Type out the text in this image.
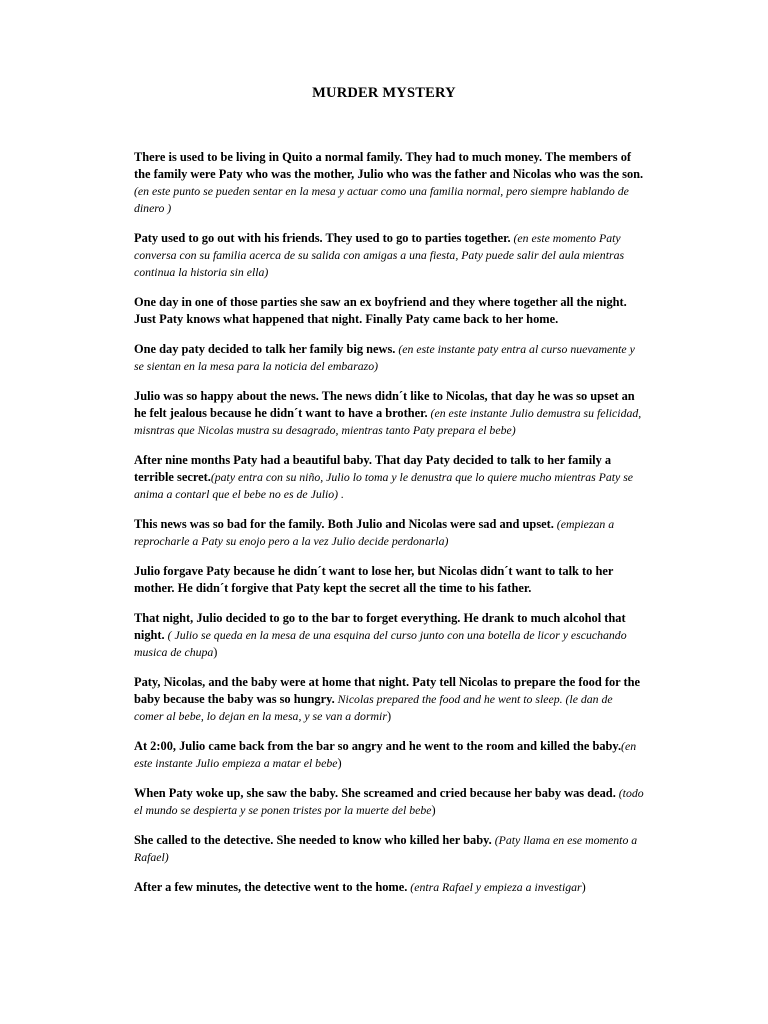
MURDER MYSTERY

There is used to be living in Quito a normal family. They had to much money. The members of the family were Paty who was the mother, Julio who was the father and Nicolas who was the son.(en este punto se pueden sentar en la mesa y actuar como una familia normal, pero siempre hablando de dinero )

Paty used to go out with his friends. They used to go to parties together. (en este momento Paty conversa con su familia acerca de su salida con amigas a una fiesta, Paty puede salir del aula mientras continua la historia sin ella)

One day in one of those parties she saw an ex boyfriend and they where together all the night. Just Paty knows what happened that night. Finally Paty came back to her home.

One day paty decided to talk her family big news. (en este instante paty entra al curso nuevamente y se sientan en la mesa para la noticia del embarazo)

Julio was so happy about the news. The news didn´t like to Nicolas, that day he was so upset an he felt jealous because he didn´t want to have a brother. (en este instante Julio demustra su felicidad, misntras que Nicolas mustra su desagrado, mientras tanto Paty prepara el bebe)

After nine months Paty had a beautiful baby. That day Paty decided to talk to her family a terrible secret.(paty entra con su niño, Julio lo toma y le denustra que lo quiere mucho mientras Paty se anima a contarl que el bebe no es de Julio) .

This news was so bad for the family. Both Julio and Nicolas were sad and upset. (empiezan a reprocharle a Paty su enojo pero a la vez Julio decide perdonarla)

Julio forgave Paty because he didn´t want to lose her, but Nicolas didn´t want to talk to her mother. He didn´t forgive that Paty kept the secret all the time to his father.

That night, Julio decided to go to the bar to forget everything. He drank to much alcohol that night. ( Julio se queda en la mesa de una esquina del curso junto con una botella de licor y escuchando musica de chupa)

Paty, Nicolas, and the baby were at home that night. Paty tell Nicolas to prepare the food for the baby because the baby was so hungry. Nicolas prepared the food and he went to sleep. (le dan de comer al bebe, lo dejan en la mesa, y se van a dormir)

At 2:00, Julio came back from the bar so angry and he went to the room and killed the baby.(en este instante Julio empieza a matar el bebe)

When Paty woke up, she saw the baby. She screamed and cried because her baby was dead. (todo el mundo se despierta y se ponen tristes por la muerte del bebe)

She called to the detective. She needed to know who killed her baby. (Paty llama en ese momento a Rafael)

After a few minutes, the detective went to the home. (entra Rafael y empieza a investigar)
